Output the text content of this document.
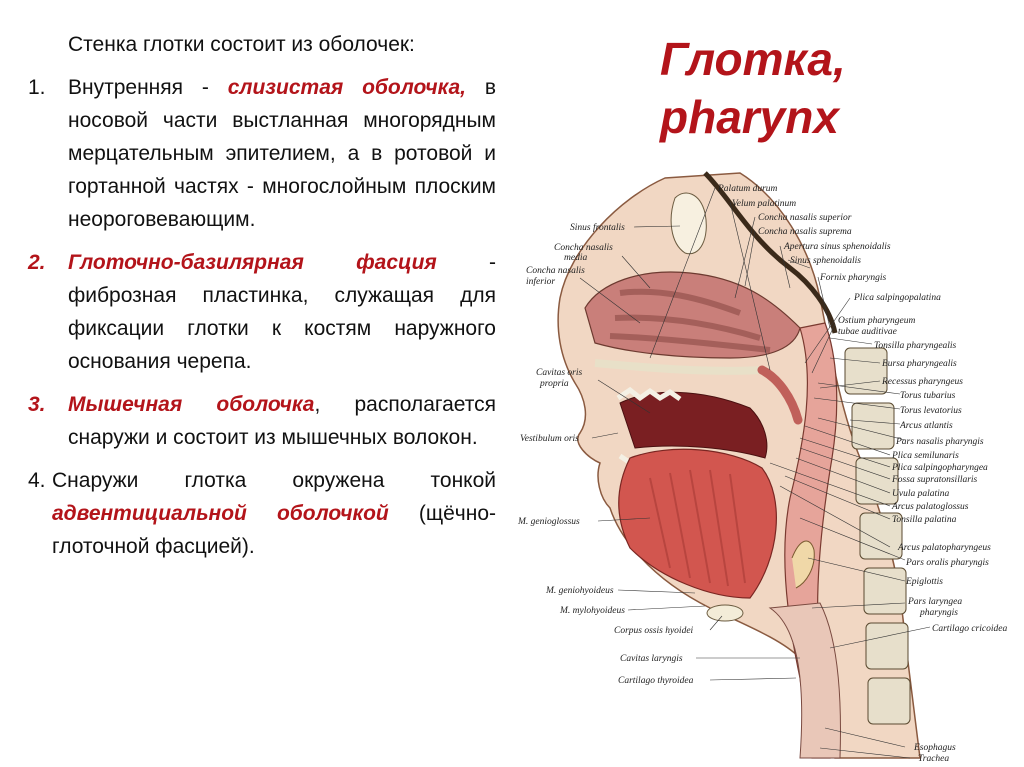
Стенка глотки состоит из оболочек:

1.	Внутренняя - слизистая оболочка, в носовой части выстланная многорядным мерцательным эпителием, а в ротовой и гортанной частях - многослойным плоским неороговевающим.

2.	Глоточно-базилярная фасция - фиброзная пластинка, служащая для фиксации глотки к костям наружного основания черепа.

3.	Мышечная оболочка, располагается снаружи и состоит из мышечных волокон.

4. Снаружи глотка окружена тонкой адвентициальной оболочкой (щёчно- глоточной фасцией).

Глотка,
pharynx
Palatum durum
Velum palatinum
Concha nasalis superior
Concha nasalis suprema
Apertura sinus sphenoidalis
Sinus sphenoidalis
Fornix pharyngis
Plica salpingopalatina
Ostium pharyngeum
tubae auditivae
Tonsilla pharyngealis
Bursa pharyngealis
Recessus pharyngeus
Torus tubarius
Torus levatorius
Arcus atlantis
Pars nasalis pharyngis
Plica semilunaris
Plica salpingopharyngea
Fossa supratonsillaris
Uvula palatina
Arcus palatoglossus
Tonsilla palatina
Arcus palatopharyngeus
Pars oralis pharyngis
Epiglottis
Pars laryngea
pharyngis
Cartilago cricoidea
Esophagus
Trachea
Sinus frontalis
Concha nasalis
media
Concha nasalis
inferior
Cavitas oris
propria
Vestibulum oris
M. genioglossus
M. geniohyoideus
M. mylohyoideus
Corpus ossis hyoidei
Cavitas laryngis
Cartilago thyroidea
